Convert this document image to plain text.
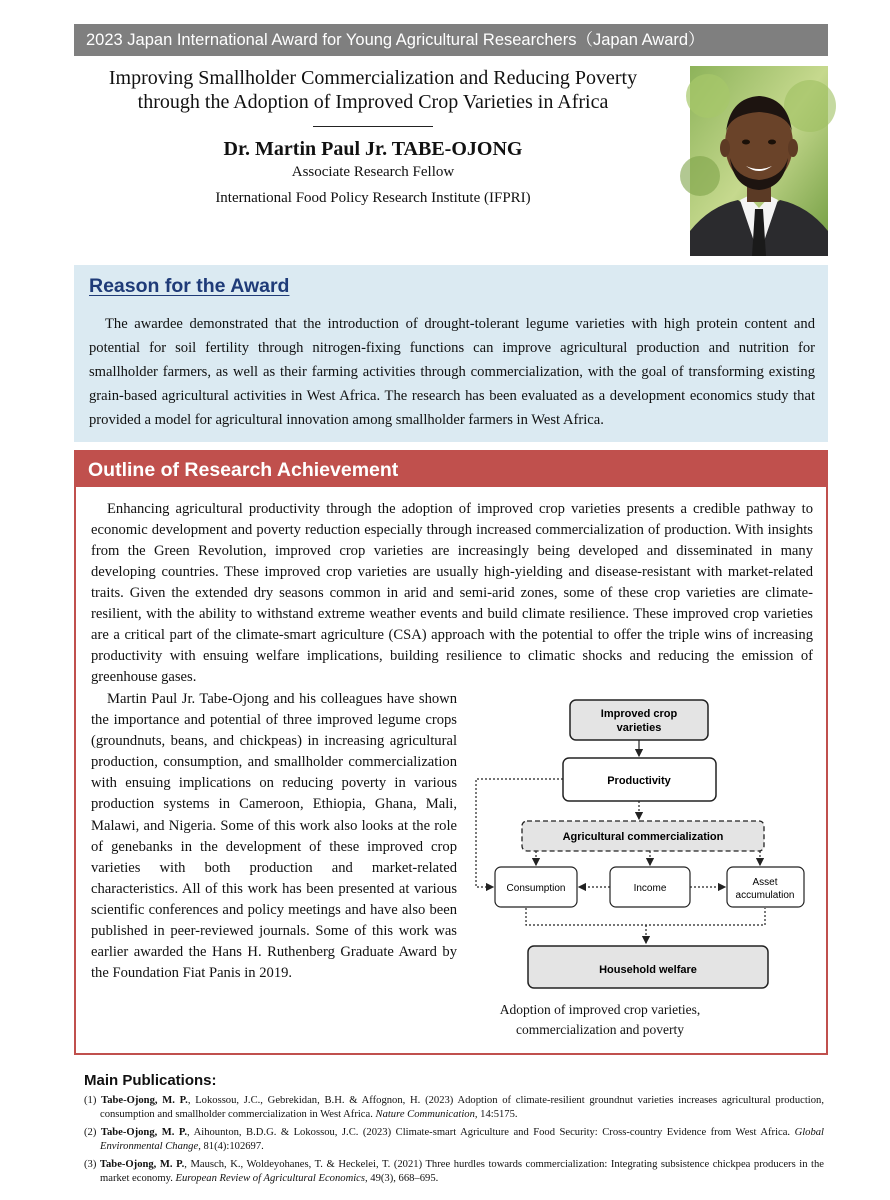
2023 Japan International Award for Young Agricultural Researchers（Japan Award）
Improving Smallholder Commercialization and Reducing Poverty
through the Adoption of Improved Crop Varieties in Africa
Dr. Martin Paul Jr. TABE-OJONG
Associate Research Fellow
International Food Policy Research Institute (IFPRI)
Reason for the Award

The awardee demonstrated that the introduction of drought-tolerant legume varieties with high protein content and potential for soil fertility through nitrogen-fixing functions can improve agricultural production and nutrition for smallholder farmers, as well as their farming activities through commercialization, with the goal of transforming existing grain-based agricultural activities in West Africa. The research has been evaluated as a development economics study that provided a model for agricultural innovation among smallholder farmers in West Africa.

Outline of Research Achievement

Enhancing agricultural productivity through the adoption of improved crop varieties presents a credible pathway to economic development and poverty reduction especially through increased commercialization of production. With insights from the Green Revolution, improved crop varieties are increasingly being developed and disseminated in many developing countries. These improved crop varieties are usually high-yielding and disease-resistant with market-related traits. Given the extended dry seasons common in arid and semi-arid zones, some of these crop varieties are climate-resilient, with the ability to withstand extreme weather events and build climate resilience. These improved crop varieties are a critical part of the climate-smart agriculture (CSA) approach with the potential to offer the triple wins of increasing productivity with ensuing welfare implications, building resilience to climatic shocks and reducing the emission of greenhouse gases.

Martin Paul Jr. Tabe-Ojong and his colleagues have shown the importance and potential of three improved legume crops (groundnuts, beans, and chickpeas) in increasing agricultural production, consumption, and smallholder commercialization with ensuing implications on reducing poverty in various production systems in Cameroon, Ethiopia, Ghana, Mali, Malawi, and Nigeria. Some of this work also looks at the role of genebanks in the development of these improved crop varieties with both production and market-related characteristics. All of this work has been presented at various scientific conferences and policy meetings and have also been published in peer-reviewed journals. Some of this work was earlier awarded the Hans H. Ruthenberg Graduate Award by the Foundation Fiat Panis in 2019.

Improved crop
varieties
Productivity
Agricultural commercialization
Consumption	Income
Asset
accumulation
Household welfare
Adoption of improved crop varieties,
commercialization and poverty
Main Publications:
(1) Tabe-Ojong, M. P., Lokossou, J.C., Gebrekidan, B.H. & Affognon, H. (2023) Adoption of climate-resilient groundnut varieties increases agricultural production, consumption and smallholder commercialization in West Africa. Nature Communication, 14:5175.
(2) Tabe-Ojong, M. P., Aihounton, B.D.G. & Lokossou, J.C. (2023) Climate-smart Agriculture and Food Security: Cross-country Evidence from West Africa. Global Environmental Change, 81(4):102697.
(3) Tabe-Ojong, M. P., Mausch, K., Woldeyohanes, T. & Heckelei, T. (2021) Three hurdles towards commercialization: Integrating subsistence chickpea producers in the market economy. European Review of Agricultural Economics, 49(3), 668–695.
